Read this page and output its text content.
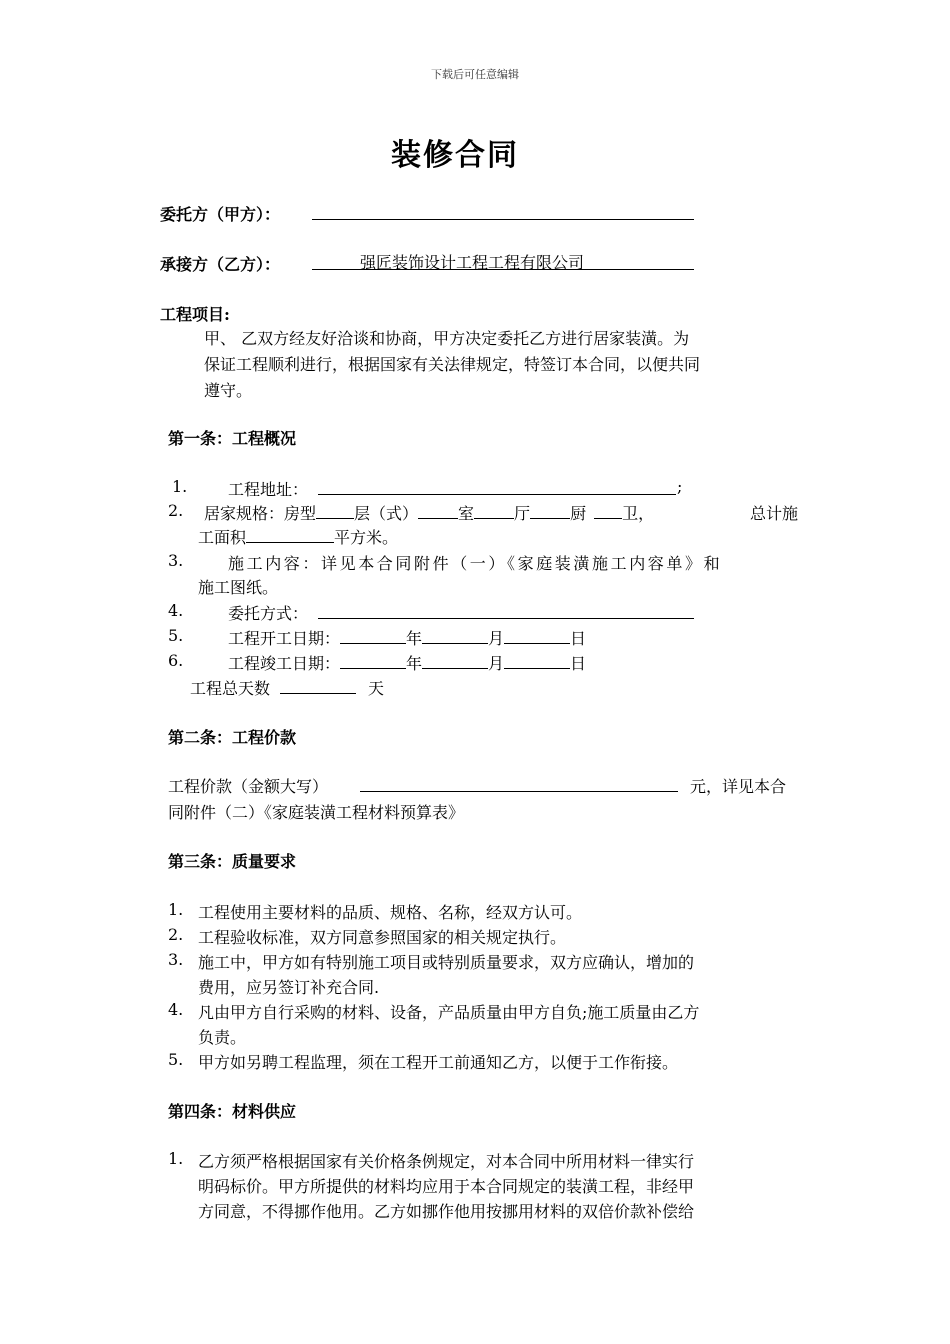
下载后可任意编辑
装修合同
委托方（甲方）：
承接方（乙方）：	强匠装饰设计工程工程有限公司
工程项目:
甲、 乙双方经友好洽谈和协商，甲方决定委托乙方进行居家装潢。为
保证工程顺利进行，根据国家有关法律规定，特签订本合同，以便共同
遵守。
第一条：工程概况
1.	工程地址：	;
2. 居家规格：房型 层（式）	室	厅	厨 卫，	总计施
工面积	平方米。
3.	施工内容：详见本合同附件（一）《家庭装潢施工内容单》和
施工图纸。
4.	委托方式：
5.	工程开工日期：	年	月	日
6.	工程竣工日期：	年	月	日
工程总天数	天
第二条：工程价款
工程价款（金额大写）	元，详见本合
同附件（二）《家庭装潢工程材料预算表》
第三条：质量要求
1. 工程使用主要材料的品质、规格、名称，经双方认可。
2. 工程验收标准，双方同意参照国家的相关规定执行。
3. 施工中，甲方如有特别施工项目或特别质量要求，双方应确认，增加的
费用，应另签订补充合同.
4. 凡由甲方自行采购的材料、设备，产品质量由甲方自负;施工质量由乙方
负责。
5. 甲方如另聘工程监理，须在工程开工前通知乙方，以便于工作衔接。
第四条：材料供应
1. 乙方须严格根据国家有关价格条例规定，对本合同中所用材料一律实行
明码标价。甲方所提供的材料均应用于本合同规定的装潢工程，非经甲
方同意，不得挪作他用。乙方如挪作他用按挪用材料的双倍价款补偿给
